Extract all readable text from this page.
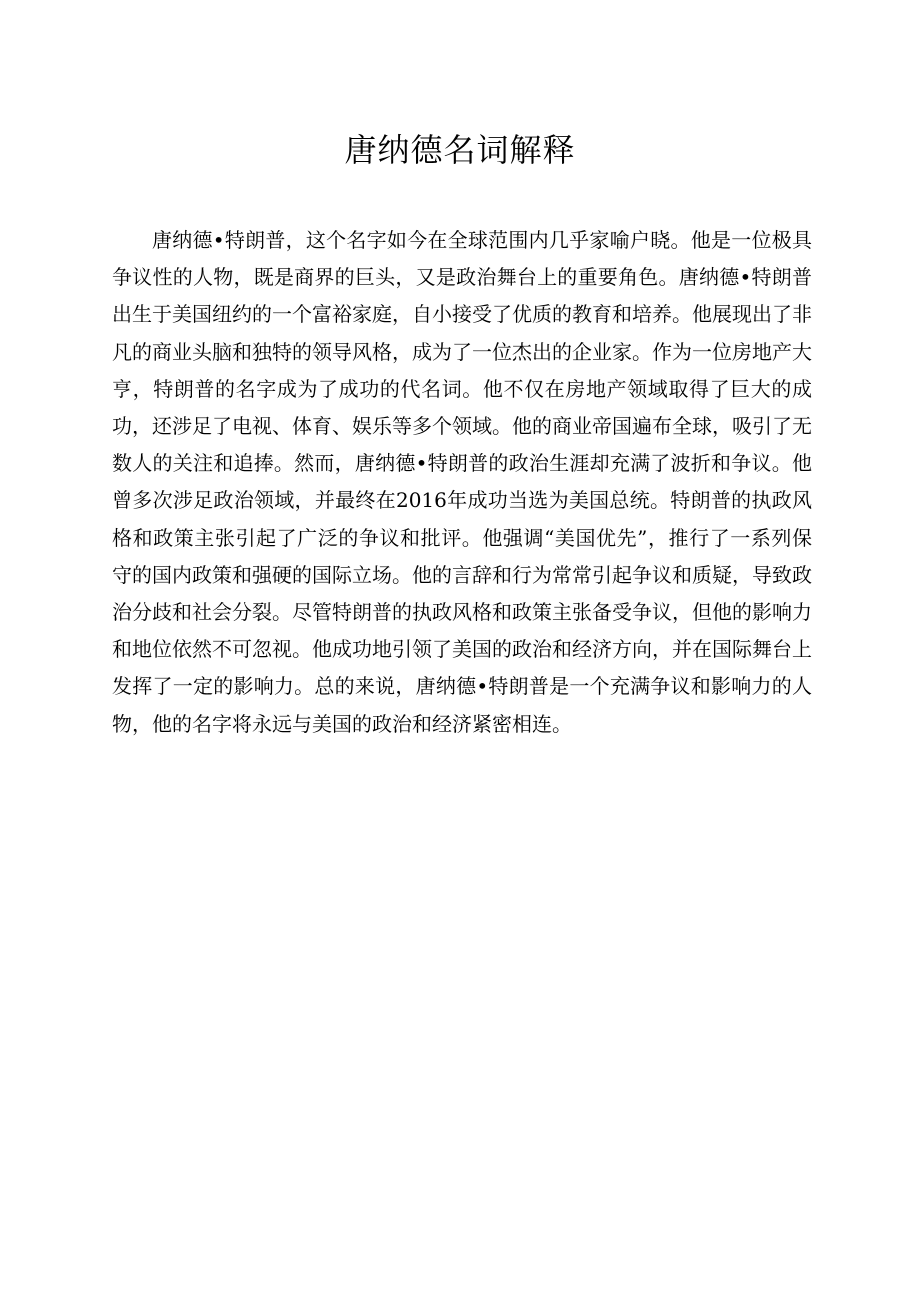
唐纳德名词解释

唐纳德•特朗普，这个名字如今在全球范围内几乎家喻户晓。他是一位极具争议性的人物，既是商界的巨头，又是政治舞台上的重要角色。唐纳德•特朗普出生于美国纽约的一个富裕家庭，自小接受了优质的教育和培养。他展现出了非凡的商业头脑和独特的领导风格，成为了一位杰出的企业家。作为一位房地产大亨，特朗普的名字成为了成功的代名词。他不仅在房地产领域取得了巨大的成功，还涉足了电视、体育、娱乐等多个领域。他的商业帝国遍布全球，吸引了无数人的关注和追捧。然而，唐纳德•特朗普的政治生涯却充满了波折和争议。他曾多次涉足政治领域，并最终在2016年成功当选为美国总统。特朗普的执政风格和政策主张引起了广泛的争议和批评。他强调“美国优先”，推行了一系列保守的国内政策和强硬的国际立场。他的言辞和行为常常引起争议和质疑，导致政治分歧和社会分裂。尽管特朗普的执政风格和政策主张备受争议，但他的影响力和地位依然不可忽视。他成功地引领了美国的政治和经济方向，并在国际舞台上发挥了一定的影响力。总的来说，唐纳德•特朗普是一个充满争议和影响力的人物，他的名字将永远与美国的政治和经济紧密相连。
